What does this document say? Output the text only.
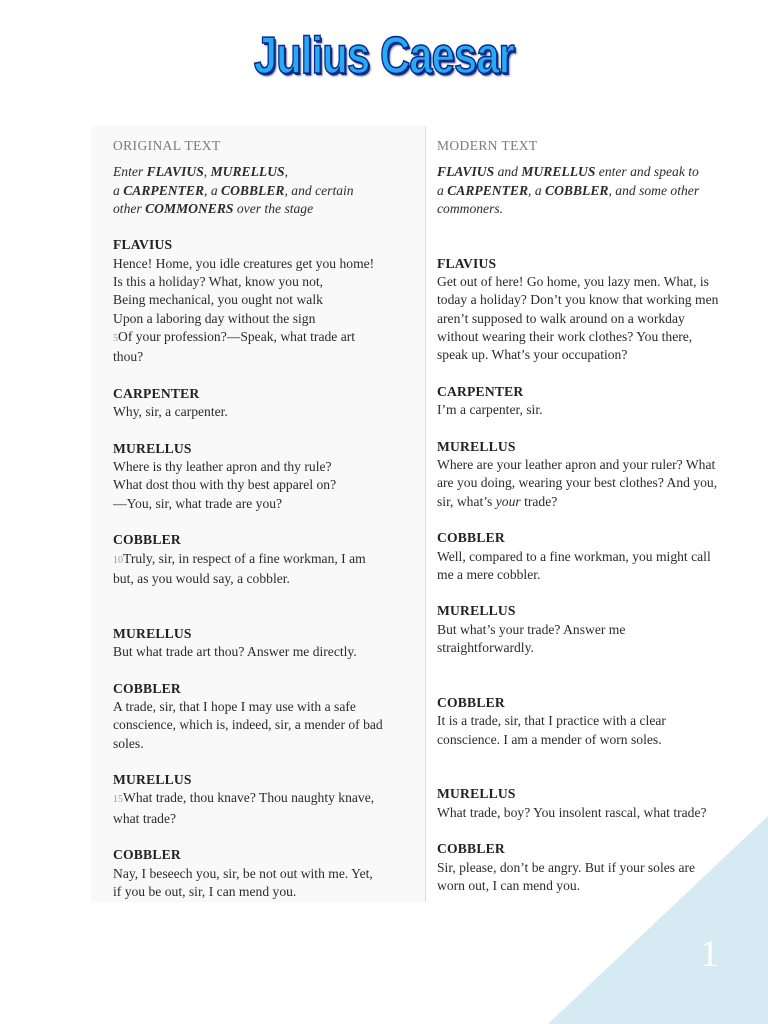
Julius Caesar
ORIGINAL TEXT
Enter FLAVIUS, MURELLUS,
a CARPENTER, a COBBLER, and certain
other COMMONERS over the stage
FLAVIUS
Hence! Home, you idle creatures get you home!
Is this a holiday? What, know you not,
Being mechanical, you ought not walk
Upon a laboring day without the sign
5Of your profession?—Speak, what trade art
thou?
CARPENTER
Why, sir, a carpenter.
MURELLUS
Where is thy leather apron and thy rule?
What dost thou with thy best apparel on?
—You, sir, what trade are you?
COBBLER
10Truly, sir, in respect of a fine workman, I am
but, as you would say, a cobbler.
MURELLUS
But what trade art thou? Answer me directly.
COBBLER
A trade, sir, that I hope I may use with a safe
conscience, which is, indeed, sir, a mender of bad
soles.
MURELLUS
15What trade, thou knave? Thou naughty knave,
what trade?
COBBLER
Nay, I beseech you, sir, be not out with me. Yet,
if you be out, sir, I can mend you.
MODERN TEXT
FLAVIUS and MURELLUS enter and speak to
a CARPENTER, a COBBLER, and some other
commoners.
FLAVIUS
Get out of here! Go home, you lazy men. What, is
today a holiday? Don’t you know that working men
aren’t supposed to walk around on a workday
without wearing their work clothes? You there,
speak up. What’s your occupation?
CARPENTER
I’m a carpenter, sir.
MURELLUS
Where are your leather apron and your ruler? What
are you doing, wearing your best clothes? And you,
sir, what’s your trade?
COBBLER
Well, compared to a fine workman, you might call
me a mere cobbler.
MURELLUS
But what’s your trade? Answer me
straightforwardly.
COBBLER
It is a trade, sir, that I practice with a clear
conscience. I am a mender of worn soles.
MURELLUS
What trade, boy? You insolent rascal, what trade?
COBBLER
Sir, please, don’t be angry. But if your soles are
worn out, I can mend you.
1
